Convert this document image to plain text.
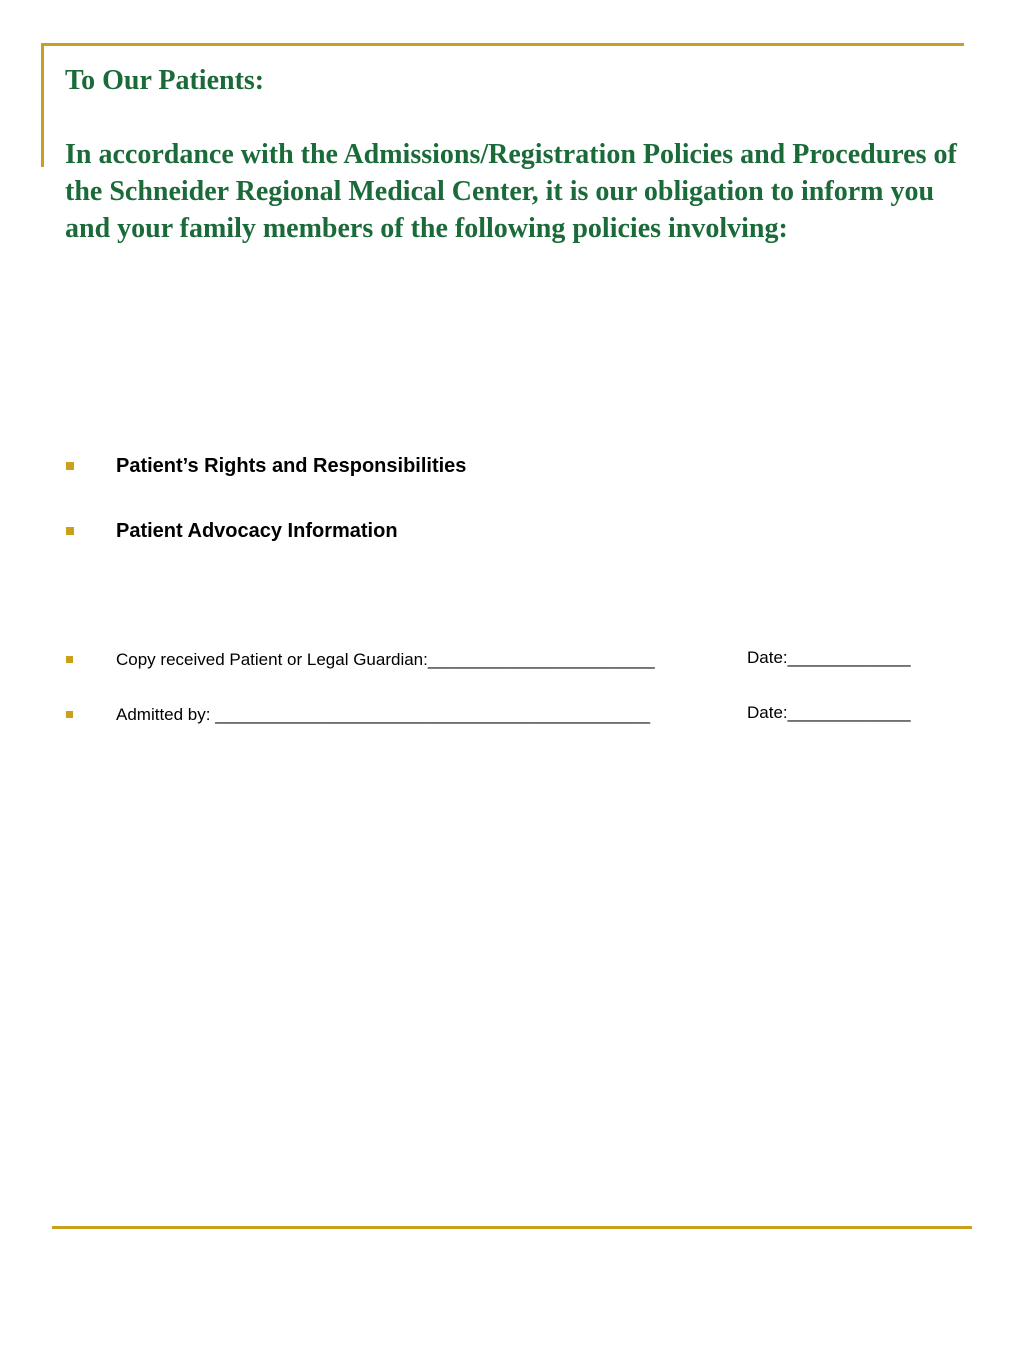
To Our Patients:

In accordance with the Admissions/Registration Policies and Procedures of the Schneider Regional Medical Center, it is our obligation to inform you and your family members of the following policies involving:

Patient’s Rights and Responsibilities
Patient Advocacy Information
Copy received Patient or Legal Guardian:________________________	Date:_____________
Admitted by: ______________________________________________	Date:_____________
